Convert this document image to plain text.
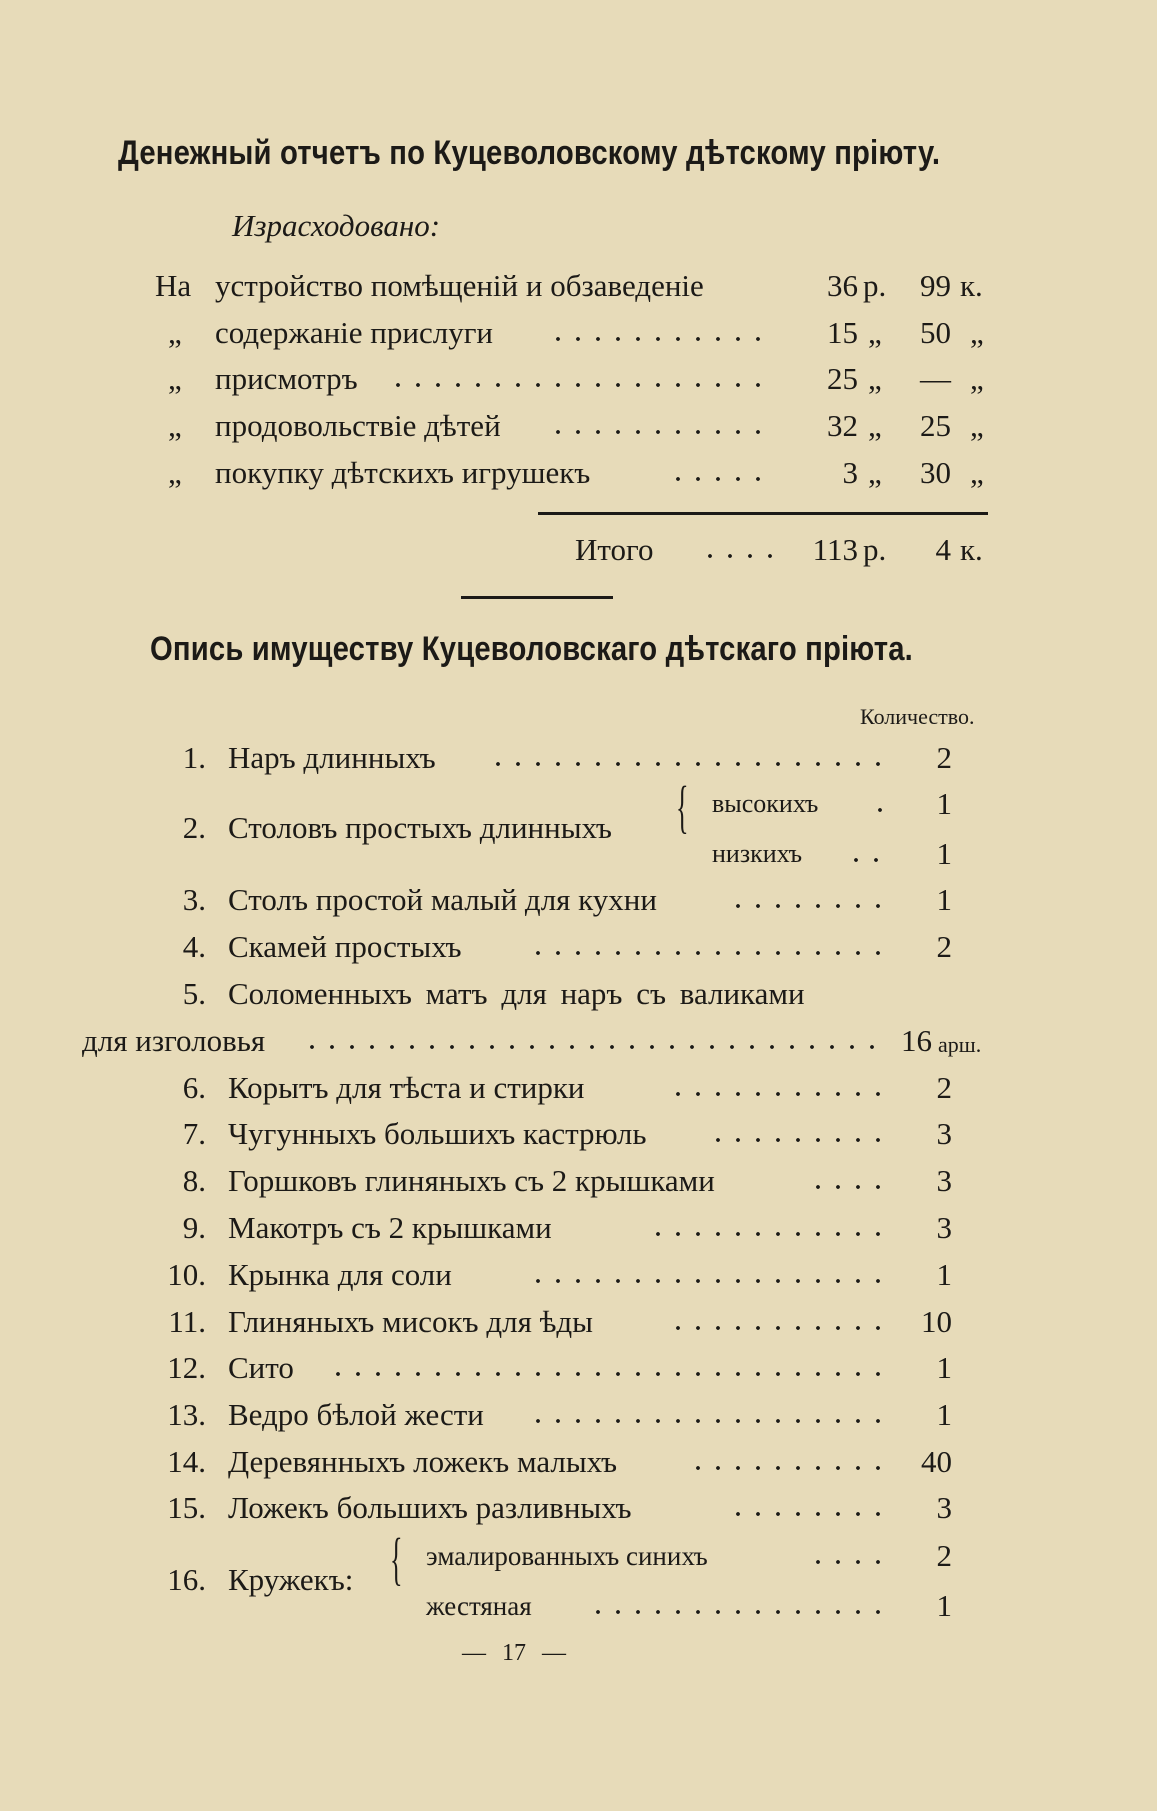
Денежный отчетъ по Куцеволовскому дѣтскому пріюту.
Израсходовано:
На устройство помѣщеній и обзаведеніе	36 р.	99 к.
„ содержаніе прислуги	15 „	50 „
„ присмотръ	25 „	— „
„ продовольствіе дѣтей	32 „	25 „
„ покупку дѣтскихъ игрушекъ	3 „	30 „
Итого	113 р.	4 к.
Опись имуществу Куцеволовскаго дѣтскаго пріюта.
Количество.
1. Наръ длинныхъ	2
2. Столовъ простыхъ длинныхъ { высокихъ	1
низкихъ	1
3. Столъ простой малый для кухни	1
4. Скамей простыхъ	2
5. Соломенныхъ матъ для наръ съ валиками
для изголовья	16 арш.
6. Корытъ для тѣста и стирки	2
7. Чугунныхъ большихъ кастрюль	3
8. Горшковъ глиняныхъ съ 2 крышками	3
9. Макотръ съ 2 крышками	3
10. Крынка для соли	1
11. Глиняныхъ мисокъ для ѣды	10
12. Сито	1
13. Ведро бѣлой жести	1
14. Деревянныхъ ложекъ малыхъ	40
15. Ложекъ большихъ разливныхъ	3
16. Кружекъ: { эмалированныхъ синихъ	2
жестяная	1
— 17 —
